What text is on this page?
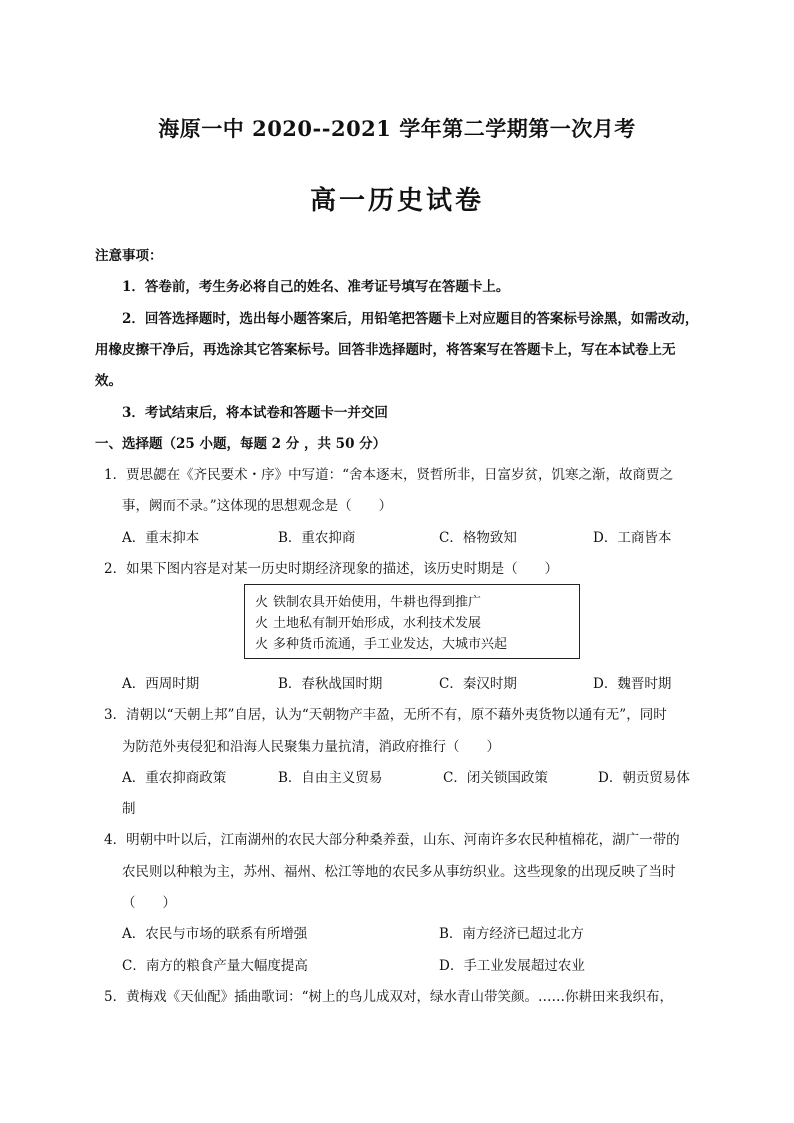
海原一中 2020--2021 学年第二学期第一次月考
高一历史试卷
注意事项：
1．答卷前，考生务必将自己的姓名、准考证号填写在答题卡上。
2．回答选择题时，选出每小题答案后，用铅笔把答题卡上对应题目的答案标号涂黑，如需改动，
用橡皮擦干净后，再选涂其它答案标号。回答非选择题时，将答案写在答题卡上，写在本试卷上无
效。
3．考试结束后，将本试卷和答题卡一并交回
一、选择题（25 小题，每题 2 分 ，共 50 分）
1．贾思勰在《齐民要术・序》中写道：“舍本逐末，贤哲所非，日富岁贫，饥寒之渐，故商贾之
事，阙而不录。”这体现的思想观念是（　　）
A．重末抑本	B．重农抑商	C．格物致知	D．工商皆本
2．如果下图内容是对某一历史时期经济现象的描述，该历史时期是（　　）
火 铁制农具开始使用，牛耕也得到推广
火 土地私有制开始形成，水利技术发展
火 多种货币流通，手工业发达，大城市兴起
A．西周时期	B．春秋战国时期	C．秦汉时期	D．魏晋时期
3．清朝以“天朝上邦”自居，认为“天朝物产丰盈，无所不有，原不藉外夷货物以通有无”，同时
为防范外夷侵犯和沿海人民聚集力量抗清，消政府推行（　　）
A．重农抑商政策	B．自由主义贸易	C．闭关锁国政策	D．朝贡贸易体
制
4．明朝中叶以后，江南湖州的农民大部分种桑养蚕，山东、河南许多农民种植棉花，湖广一带的
农民则以种粮为主，苏州、福州、松江等地的农民多从事纺织业。这些现象的出现反映了当时
（　　）
A．农民与市场的联系有所增强	B．南方经济已超过北方
C．南方的粮食产量大幅度提高	D．手工业发展超过农业
5．黄梅戏《天仙配》插曲歌词：“树上的鸟儿成双对，绿水青山带笑颜。……你耕田来我织布，
